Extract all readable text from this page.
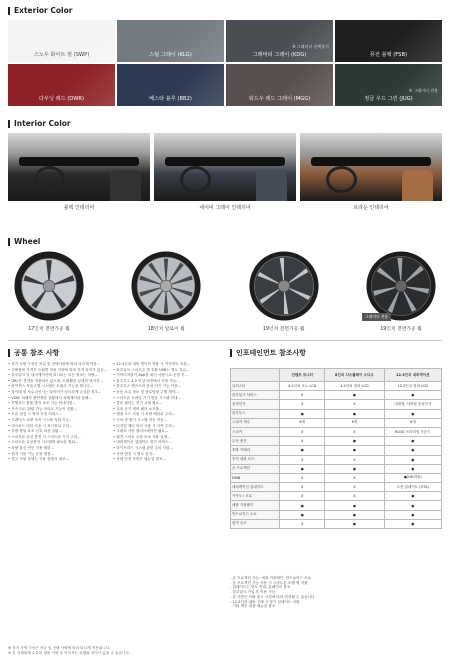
Exterior Color
스노우 화이트 펄 (SWP)	스틸 그레이 (KLG)
※ 그래비티 선택불가
그래비티 그레이 (KDG)	퓨전 블랙 (FSB)
다우닝 레드 (DWR)	베스타 블루 (BB2)	워드우 레드 그레이 (MGG)
※ 그래비티 전용
정글 우드 그린 (JUG)
Interior Color
블랙 인테리어	네이비 그레이 인테리어	브라운 인테리어
Wheel
17인치 전면가공 휠	18인치 알로이 휠	19인치 전면가공 휠
그래비티 전용
19인치 전면가공 휠
공통 참조 사항

• 상기 사양 구성은 차급 및 선택사양에 따라 다르게 적용...

• 선택품목 가격은 트림별 적용 사양에 따라 가격 차이가 있습...

• 블루링크 및 내비게이션에 표시되는 모든 정보는 차량...

• DRL은 전자동 적용되어 있으며, 트렁휀을 끝내면 꺼지지...

• 파이썬스 자율주행 시스템은 트렁크 기능을 합니다...

• 하이테 및 사수리인지는 타이어가 싱크하게 손상된 경우...

• VSM: 차체자 불안정한 상황에서 차체제어를 통해...

• 후방모드 충돌 방지 보조 기능 안내사항...

• 가속시로, 휠링 가능 모터로 기능이 전환...

• 오류 점검 시 정비 지정 서비스...

• 프레딕스 교량 조작 시스템 지원 기능...

• 대시보드 미러 사용 시 표시장치 주의...

• 후방 충돌 보조 신호 파상 알림...

• 스마트폰 무선 충전 시 스마트폰 기기 주의...

• 스마트폰 무선충전 시스템에 필요한 범위...

• 차량 통신 연동 사용 제한...

• 원격 시동 기능 운영 방침...

• 경고 사항 상세는 사용 설명서 참조...

• 12.3인치 내비 게이션 적용 시 카커넥트 지원...

• 블루링크 스마트폰 앱 호환 USB는 별도 지급...

• 기아디지털키 App을 최신 사양으로 운영 후...

• 블루투스 4.2 이상 버전에서 사용 가능...

• 블루투스 핸즈프리 음성 인식 기능 이용...

• 공동 소유 정보 및 플로팅형 주행 제약...

• 스마트폰 모바일 기기 연동 시스템 안내...

• 클린 필터는 정기 교체 필요...

• 실내 공기 케어 필터 소모품...

• 캠핑 모드 사용 시 차량 배터리 주의...

• 주차 중 환기 시스템 자동 작동...

• 디지털 센터 미러 사용 시 시야 주의...

• 그래픽 사양 캘리브레이션 필요...

• 원격 스마트 주차 보조 사용 설명...

• 내비게이션 업데이트 정기 서비스...

• 하이브리드 시스템 관련 주의 사항...

• 사양 변경 시 별도 공지...

• 상세 안전 사항은 매뉴얼 참조...

인포테인먼트 참조사항
	컨텐츠 모니터	8인치 디스플레이 오디오	12.3인치 내비게이션
클러스터	4.2인치 모노 LCD	4.2인치 컬러 LCD	12.3인치 컬러 LCD
블루링크 서비스	X	●	●
음성인식	X	X	내장형, 서버형 음성인식
블루투스	●	●	●
스피커 개수	6개	6개	6개
스피커	X	X	BOSE 프리미엄 사운드
무선 충전	X	●	●
후방 카메라	●	●	●
후석 대화 모드	X	X	●
폰 프로젝션	●	●	●
DMB	X	X	●(HD지원)
내비게이션 업데이트	X	X	무선 업데이트 (OTA)
카카오 i 오토	X	X	●
애플 카플레이	●	●	●
안드로이드 오토	●	●	●
원격 공조	X	●	●

- 폰 프로젝션 기능: 애플 카플레이, 안드로이드 오토

- 폰 프로젝션 기능 사용 시 스마트폰 모델 별 지원

- 업데이트는 별도 안내, 홈페이지 참조

- 블루링크 가입 후 이용 가능

- 본 사양은 차량 출고 시점에 따라 변경될 수 있습니다

- 12.3인치 내비 구매 시 정기 업데이트 지원

- 기타 세부 내용 매뉴얼 참조

※ 상기 사양 구성은 차급 및 선택 사양에 따라 다르게 적용됩니다.

※ 본 인쇄물에 수록된 제품 사양 및 이미지는 실제와 차이가 있을 수 있습니다.
